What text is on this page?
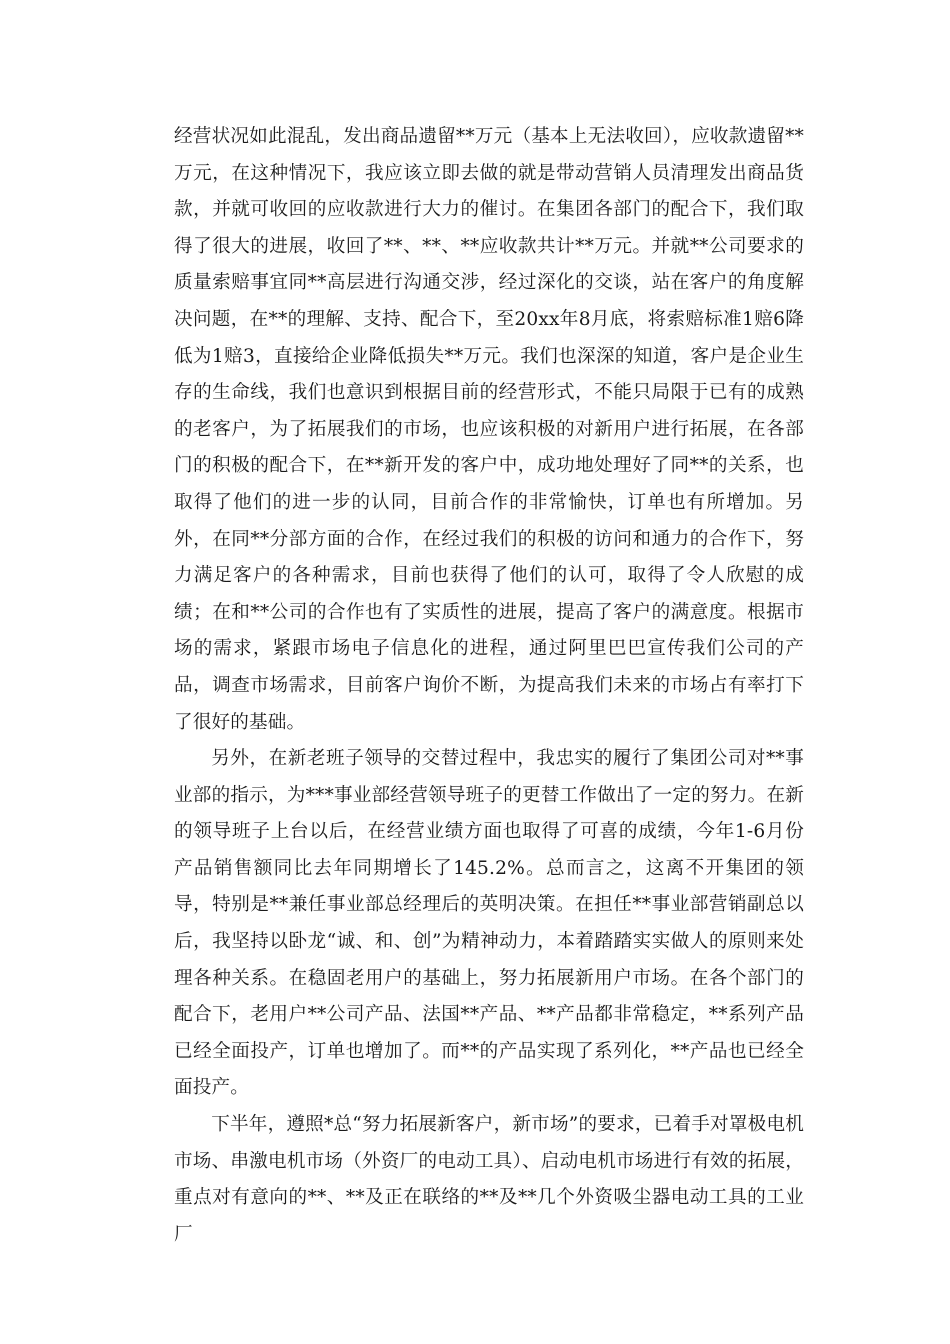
经营状况如此混乱，发出商品遗留**万元（基本上无法收回），应收款遗留**万元，在这种情况下，我应该立即去做的就是带动营销人员清理发出商品货款，并就可收回的应收款进行大力的催讨。在集团各部门的配合下，我们取得了很大的进展，收回了**、**、**应收款共计**万元。并就**公司要求的质量索赔事宜同**高层进行沟通交涉，经过深化的交谈，站在客户的角度解决问题，在**的理解、支持、配合下，至20xx年8月底，将索赔标准1赔6降低为1赔3，直接给企业降低损失**万元。我们也深深的知道，客户是企业生存的生命线，我们也意识到根据目前的经营形式，不能只局限于已有的成熟的老客户，为了拓展我们的市场，也应该积极的对新用户进行拓展，在各部门的积极的配合下，在**新开发的客户中，成功地处理好了同**的关系，也取得了他们的进一步的认同，目前合作的非常愉快，订单也有所增加。另外，在同**分部方面的合作，在经过我们的积极的访问和通力的合作下，努力满足客户的各种需求，目前也获得了他们的认可，取得了令人欣慰的成绩；在和**公司的合作也有了实质性的进展，提高了客户的满意度。根据市场的需求，紧跟市场电子信息化的进程，通过阿里巴巴宣传我们公司的产品，调查市场需求，目前客户询价不断，为提高我们未来的市场占有率打下了很好的基础。

另外，在新老班子领导的交替过程中，我忠实的履行了集团公司对**事业部的指示，为***事业部经营领导班子的更替工作做出了一定的努力。在新的领导班子上台以后，在经营业绩方面也取得了可喜的成绩，今年1-6月份产品销售额同比去年同期增长了145.2%。总而言之，这离不开集团的领导，特别是**兼任事业部总经理后的英明决策。在担任**事业部营销副总以后，我坚持以卧龙“诚、和、创”为精神动力，本着踏踏实实做人的原则来处理各种关系。在稳固老用户的基础上，努力拓展新用户市场。在各个部门的配合下，老用户**公司产品、法国**产品、**产品都非常稳定，**系列产品已经全面投产，订单也增加了。而**的产品实现了系列化，**产品也已经全面投产。

下半年，遵照*总“努力拓展新客户，新市场”的要求，已着手对罩极电机市场、串激电机市场（外资厂的电动工具）、启动电机市场进行有效的拓展，重点对有意向的**、**及正在联络的**及**几个外资吸尘器电动工具的工业厂
